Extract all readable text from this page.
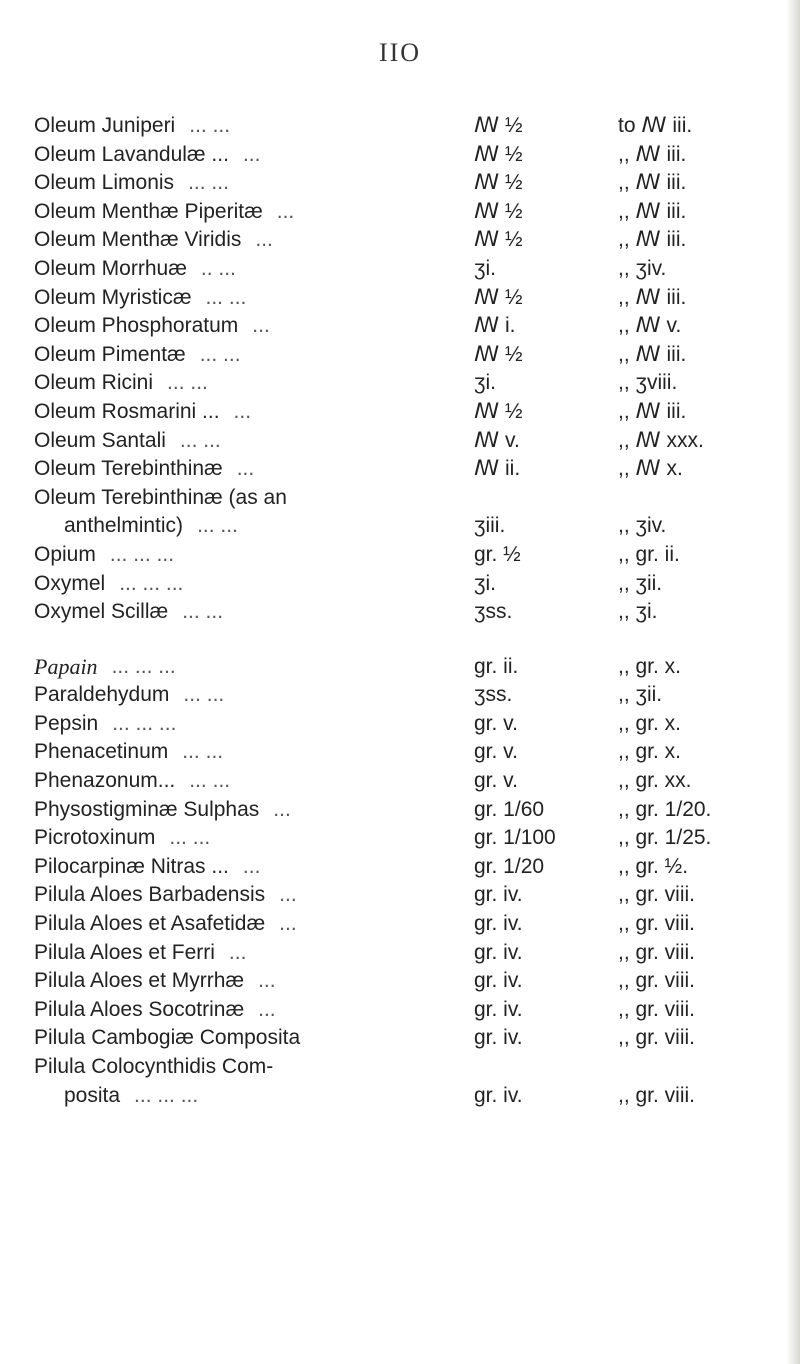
IIO
Oleum Juniperi ... ...	ꟿ ½	to ꟿ iii.
Oleum Lavandulæ ... ...	ꟿ ½	,, ꟿ iii.
Oleum Limonis ... ...	ꟿ ½	,, ꟿ iii.
Oleum Menthæ Piperitæ ...	ꟿ ½	,, ꟿ iii.
Oleum Menthæ Viridis ...	ꟿ ½	,, ꟿ iii.
Oleum Morrhuæ .. ...	ʒi.	,, ʒiv.
Oleum Myristicæ ... ...	ꟿ ½	,, ꟿ iii.
Oleum Phosphoratum ...	ꟿ i.	,, ꟿ v.
Oleum Pimentæ ... ...	ꟿ ½	,, ꟿ iii.
Oleum Ricini ... ...	ʒi.	,, ʒviii.
Oleum Rosmarini ... ...	ꟿ ½	,, ꟿ iii.
Oleum Santali ... ...	ꟿ v.	,, ꟿ xxx.
Oleum Terebinthinæ ...	ꟿ ii.	,, ꟿ x.
Oleum Terebinthinæ (as an
anthelmintic) ... ...	ʒiii.	,, ʒiv.
Opium ... ... ...	gr. ½	,, gr. ii.
Oxymel ... ... ...	ʒi.	,, ʒii.
Oxymel Scillæ ... ...	ʒss.	,, ʒi.
Papain ... ... ...	gr. ii.	,, gr. x.
Paraldehydum ... ...	ʒss.	,, ʒii.
Pepsin ... ... ...	gr. v.	,, gr. x.
Phenacetinum ... ...	gr. v.	,, gr. x.
Phenazonum... ... ...	gr. v.	,, gr. xx.
Physostigminæ Sulphas ...	gr. 1/60	,, gr. 1/20.
Picrotoxinum ... ...	gr. 1/100	,, gr. 1/25.
Pilocarpinæ Nitras ... ...	gr. 1/20	,, gr. ½.
Pilula Aloes Barbadensis ...	gr. iv.	,, gr. viii.
Pilula Aloes et Asafetidæ ...	gr. iv.	,, gr. viii.
Pilula Aloes et Ferri ...	gr. iv.	,, gr. viii.
Pilula Aloes et Myrrhæ ...	gr. iv.	,, gr. viii.
Pilula Aloes Socotrinæ ...	gr. iv.	,, gr. viii.
Pilula Cambogiæ Composita	gr. iv.	,, gr. viii.
Pilula Colocynthidis Com-
posita ... ... ...	gr. iv.	,, gr. viii.
